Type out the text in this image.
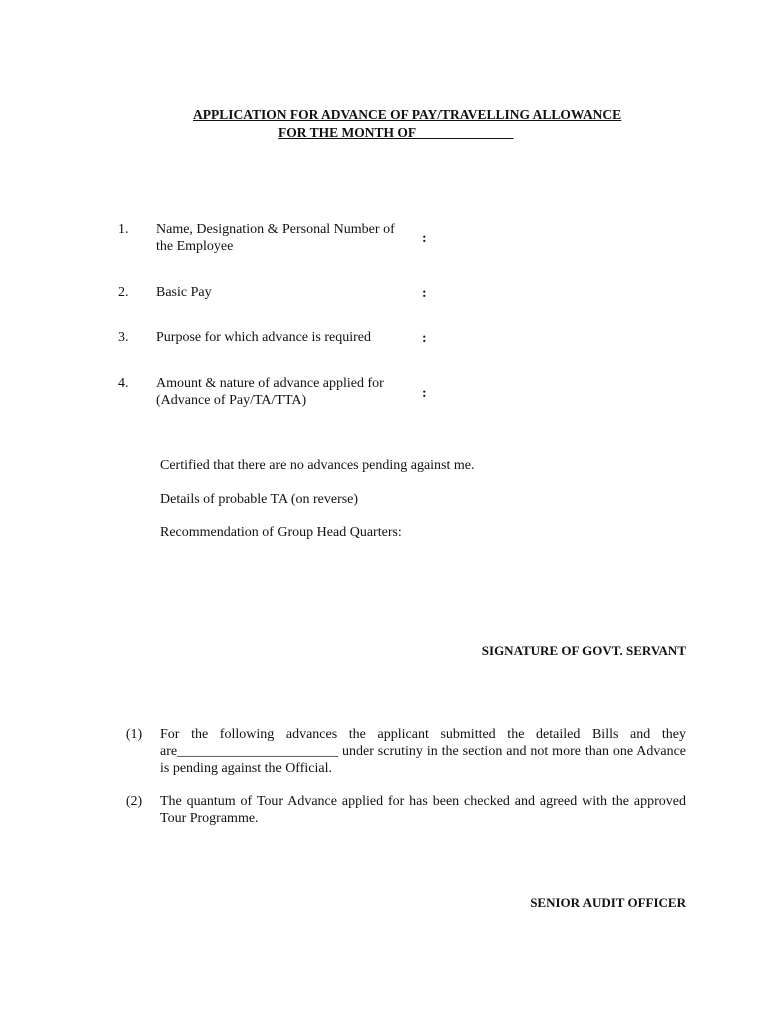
APPLICATION FOR ADVANCE OF PAY/TRAVELLING ALLOWANCE
FOR THE MONTH OF ______________
1. Name, Designation & Personal Number of the Employee
:
2. Basic Pay	:
3. Purpose for which advance is required	:
4. Amount & nature of advance applied for (Advance of Pay/TA/TTA)	:
Certified that there are no advances pending against me.
Details of probable TA (on reverse)
Recommendation of Group Head Quarters:
SIGNATURE OF GOVT. SERVANT
(1)	For the following advances the applicant submitted the detailed Bills and they are_______________________ under scrutiny in the section and not more than one Advance is pending against the Official.
(2)	The quantum of Tour Advance applied for has been checked and agreed with the approved Tour Programme.
SENIOR AUDIT OFFICER
